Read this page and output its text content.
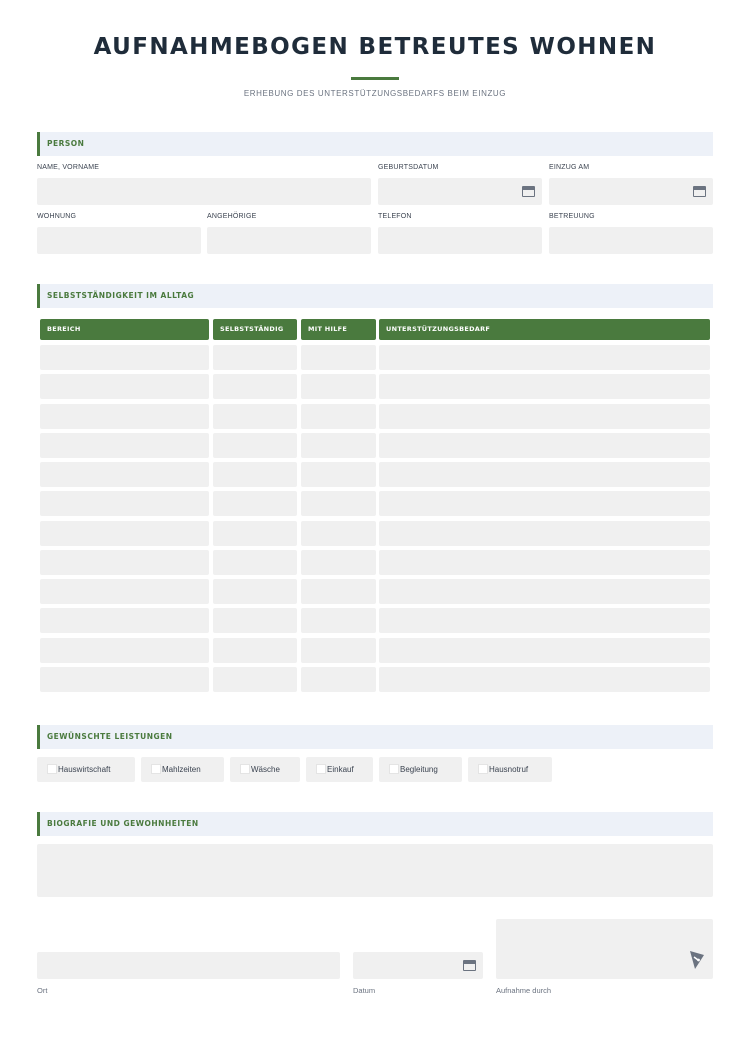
AUFNAHMEBOGEN BETREUTES WOHNEN
ERHEBUNG DES UNTERSTÜTZUNGSBEDARFS BEIM EINZUG
PERSON
NAME, VORNAME	GEBURTSDATUM	EINZUG AM
WOHNUNG	ANGEHÖRIGE	TELEFON	BETREUUNG
SELBSTSTÄNDIGKEIT IM ALLTAG
BEREICH	SELBSTSTÄNDIG	MIT HILFE	UNTERSTÜTZUNGSBEDARF
GEWÜNSCHTE LEISTUNGEN
Hauswirtschaft	Mahlzeiten	Wäsche	Einkauf	Begleitung	Hausnotruf
BIOGRAFIE UND GEWOHNHEITEN
Ort	Datum	Aufnahme durch
